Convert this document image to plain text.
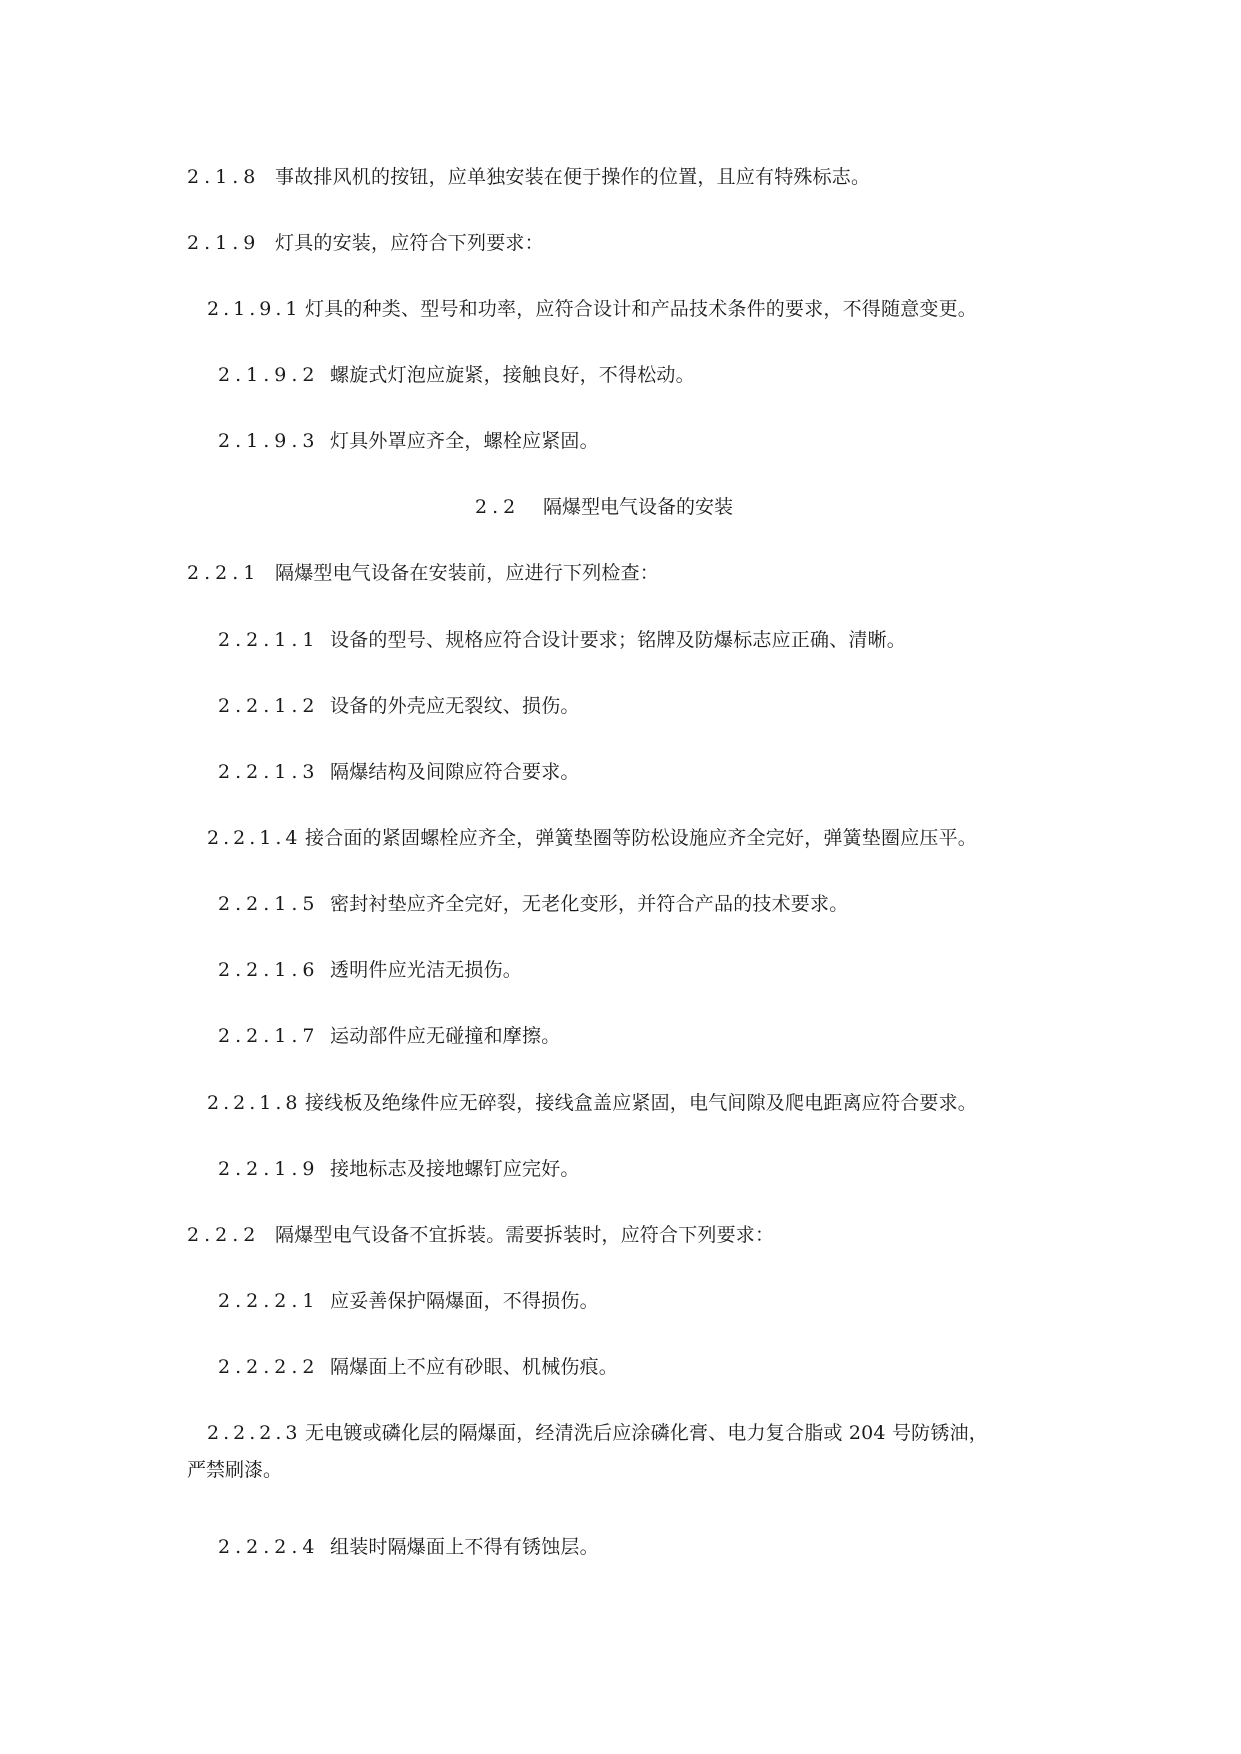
2.1.8 事故排风机的按钮，应单独安装在便于操作的位置，且应有特殊标志。
2.1.9 灯具的安装，应符合下列要求：
2.1.9.1 灯具的种类、型号和功率，应符合设计和产品技术条件的要求，不得随意变更。
2.1.9.2 螺旋式灯泡应旋紧，接触良好，不得松动。
2.1.9.3 灯具外罩应齐全，螺栓应紧固。
2.2 隔爆型电气设备的安装
2.2.1 隔爆型电气设备在安装前，应进行下列检查：
2.2.1.1 设备的型号、规格应符合设计要求；铭牌及防爆标志应正确、清晰。
2.2.1.2 设备的外壳应无裂纹、损伤。
2.2.1.3 隔爆结构及间隙应符合要求。
2.2.1.4 接合面的紧固螺栓应齐全，弹簧垫圈等防松设施应齐全完好，弹簧垫圈应压平。
2.2.1.5 密封衬垫应齐全完好，无老化变形，并符合产品的技术要求。
2.2.1.6 透明件应光洁无损伤。
2.2.1.7 运动部件应无碰撞和摩擦。
2.2.1.8 接线板及绝缘件应无碎裂，接线盒盖应紧固，电气间隙及爬电距离应符合要求。
2.2.1.9 接地标志及接地螺钉应完好。
2.2.2 隔爆型电气设备不宜拆装。需要拆装时，应符合下列要求：
2.2.2.1 应妥善保护隔爆面，不得损伤。
2.2.2.2 隔爆面上不应有砂眼、机械伤痕。
2.2.2.3 无电镀或磷化层的隔爆面，经清洗后应涂磷化膏、电力复合脂或 204 号防锈油，
严禁刷漆。
2.2.2.4 组装时隔爆面上不得有锈蚀层。
